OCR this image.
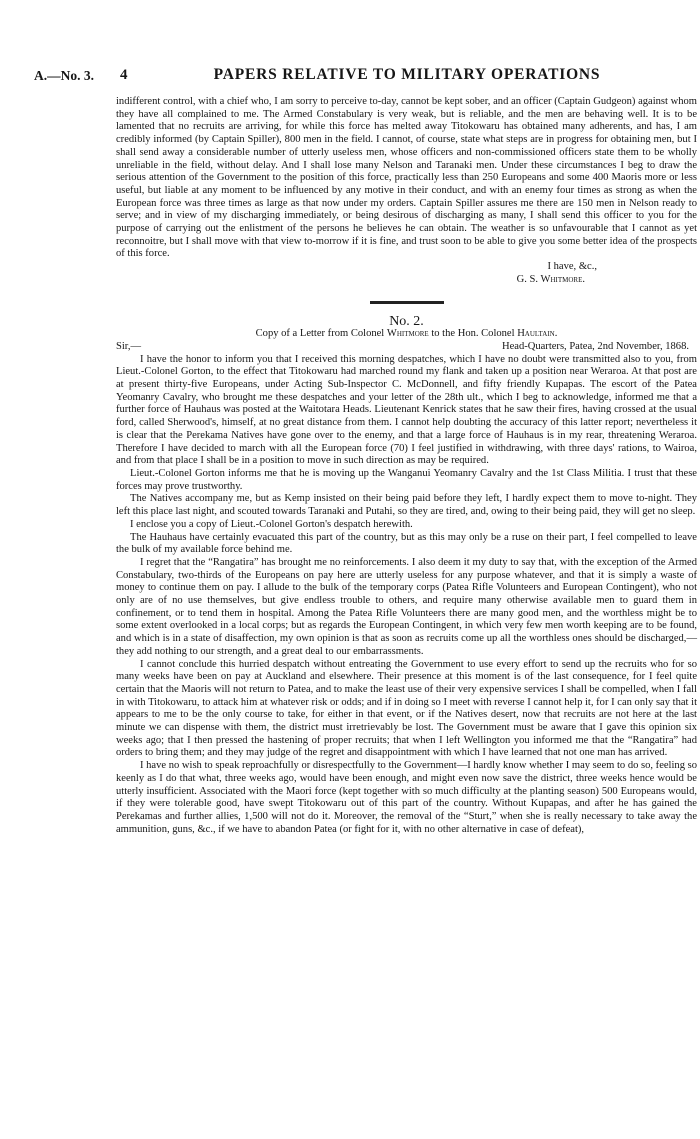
A.—No. 3. 4	PAPERS RELATIVE TO MILITARY OPERATIONS

indifferent control, with a chief who, I am sorry to perceive to-day, cannot be kept sober, and an officer (Captain Gudgeon) against whom they have all complained to me. The Armed Constabulary is very weak, but is reliable, and the men are behaving well. It is to be lamented that no recruits are arriving, for while this force has melted away Titokowaru has obtained many adherents, and has, I am credibly informed (by Captain Spiller), 800 men in the field. I cannot, of course, state what steps are in progress for obtaining men, but I shall send away a considerable number of utterly useless men, whose officers and non-commissioned officers state them to be wholly unreliable in the field, without delay. And I shall lose many Nelson and Taranaki men. Under these circumstances I beg to draw the serious attention of the Government to the position of this force, practically less than 250 Europeans and some 400 Maoris more or less useful, but liable at any moment to be influenced by any motive in their conduct, and with an enemy four times as strong as when the European force was three times as large as that now under my orders. Captain Spiller assures me there are 150 men in Nelson ready to serve; and in view of my discharging immediately, or being desirous of discharging as many, I shall send this officer to you for the purpose of carrying out the enlistment of the persons he believes he can obtain. The weather is so unfavourable that I cannot as yet reconnoitre, but I shall move with that view to-morrow if it is fine, and trust soon to be able to give you some better idea of the prospects of this force.

I have, &c.,

G. S. Whitmore.

No. 2.

Copy of a Letter from Colonel Whitmore to the Hon. Colonel Haultain.

Sir,—	Head-Quarters, Patea, 2nd November, 1868.

I have the honor to inform you that I received this morning despatches, which I have no doubt were transmitted also to you, from Lieut.-Colonel Gorton, to the effect that Titokowaru had marched round my flank and taken up a position near Weraroa. At that post are at present thirty-five Europeans, under Acting Sub-Inspector C. McDonnell, and fifty friendly Kupapas. The escort of the Patea Yeomanry Cavalry, who brought me these despatches and your letter of the 28th ult., which I beg to acknowledge, informed me that a further force of Hauhaus was posted at the Waitotara Heads. Lieutenant Kenrick states that he saw their fires, having crossed at the usual ford, called Sherwood's, himself, at no great distance from them. I cannot help doubting the accuracy of this latter report; nevertheless it is clear that the Perekama Natives have gone over to the enemy, and that a large force of Hauhaus is in my rear, threatening Weraroa. Therefore I have decided to march with all the European force (70) I feel justified in withdrawing, with three days' rations, to Wairoa, and from that place I shall be in a position to move in such direction as may be required.

Lieut.-Colonel Gorton informs me that he is moving up the Wanganui Yeomanry Cavalry and the 1st Class Militia. I trust that these forces may prove trustworthy.

The Natives accompany me, but as Kemp insisted on their being paid before they left, I hardly expect them to move to-night. They left this place last night, and scouted towards Taranaki and Putahi, so they are tired, and, owing to their being paid, they will get no sleep.

I enclose you a copy of Lieut.-Colonel Gorton's despatch herewith.

The Hauhaus have certainly evacuated this part of the country, but as this may only be a ruse on their part, I feel compelled to leave the bulk of my available force behind me.

I regret that the “Rangatira” has brought me no reinforcements. I also deem it my duty to say that, with the exception of the Armed Constabulary, two-thirds of the Europeans on pay here are utterly useless for any purpose whatever, and that it is simply a waste of money to continue them on pay. I allude to the bulk of the temporary corps (Patea Rifle Volunteers and European Contingent), who not only are of no use themselves, but give endless trouble to others, and require many otherwise available men to guard them in confinement, or to tend them in hospital. Among the Patea Rifle Volunteers there are many good men, and the worthless might be to some extent overlooked in a local corps; but as regards the European Contingent, in which very few men worth keeping are to be found, and which is in a state of disaffection, my own opinion is that as soon as recruits come up all the worthless ones should be discharged,—they add nothing to our strength, and a great deal to our embarrassments.

I cannot conclude this hurried despatch without entreating the Government to use every effort to send up the recruits who for so many weeks have been on pay at Auckland and elsewhere. Their presence at this moment is of the last consequence, for I feel quite certain that the Maoris will not return to Patea, and to make the least use of their very expensive services I shall be compelled, when I fall in with Titokowaru, to attack him at whatever risk or odds; and if in doing so I meet with reverse I cannot help it, for I can only say that it appears to me to be the only course to take, for either in that event, or if the Natives desert, now that recruits are not here at the last minute we can dispense with them, the district must irretrievably be lost. The Government must be aware that I gave this opinion six weeks ago; that I then pressed the hastening of proper recruits; that when I left Wellington you informed me that the “Rangatira” had orders to bring them; and they may judge of the regret and disappointment with which I have learned that not one man has arrived.

I have no wish to speak reproachfully or disrespectfully to the Government—I hardly know whether I may seem to do so, feeling so keenly as I do that what, three weeks ago, would have been enough, and might even now save the district, three weeks hence would be utterly insufficient. Associated with the Maori force (kept together with so much difficulty at the planting season) 500 Europeans would, if they were tolerable good, have swept Titokowaru out of this part of the country. Without Kupapas, and after he has gained the Perekamas and further allies, 1,500 will not do it. Moreover, the removal of the “Sturt,” when she is really necessary to take away the ammunition, guns, &c., if we have to abandon Patea (or fight for it, with no other alternative in case of defeat),
